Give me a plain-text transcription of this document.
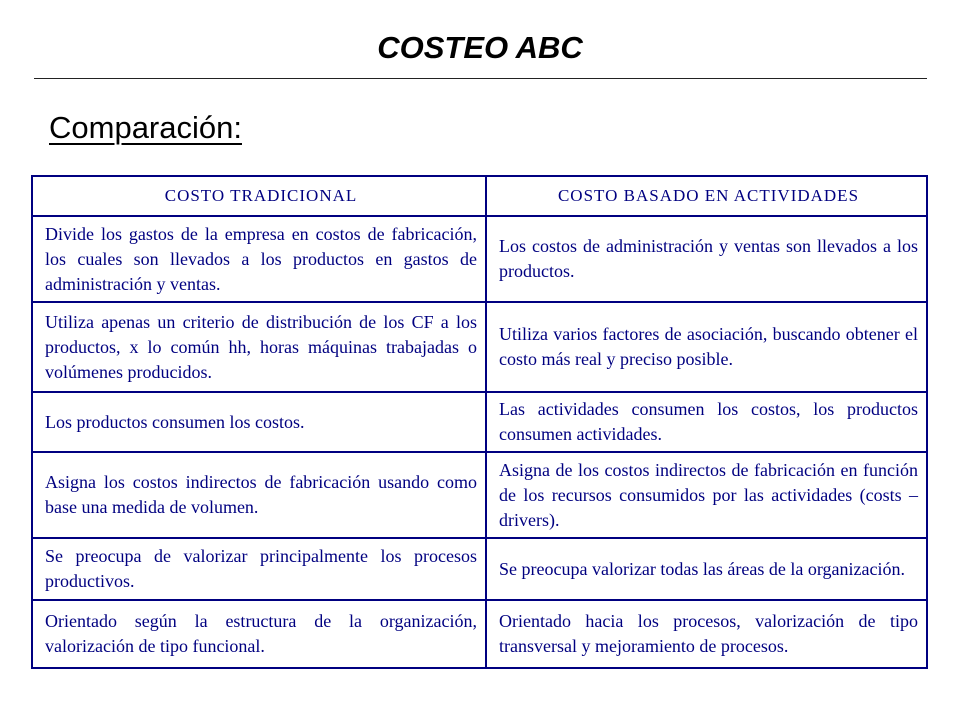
COSTEO ABC
Comparación:
COSTO TRADICIONAL	COSTO BASADO EN ACTIVIDADES
Divide los gastos de la empresa en costos de fabricación, los cuales son llevados a los productos en gastos de administración y ventas.	Los costos de administración y ventas son llevados a los productos.
Utiliza apenas un criterio de distribución de los CF a los productos, x lo común hh, horas máquinas trabajadas o volúmenes producidos.	Utiliza varios factores de asociación, buscando obtener el costo más real y preciso posible.
Los productos consumen los costos.	Las actividades consumen los costos, los productos consumen actividades.
Asigna los costos indirectos de fabricación usando como base una medida de volumen.	Asigna de los costos indirectos de fabricación en función de los recursos consumidos por las actividades (costs – drivers).
Se preocupa de valorizar principalmente los procesos productivos.	Se preocupa valorizar todas las áreas de la organización.
Orientado según la estructura de la organización, valorización de tipo funcional.	Orientado hacia los procesos, valorización de tipo transversal y mejoramiento de procesos.
